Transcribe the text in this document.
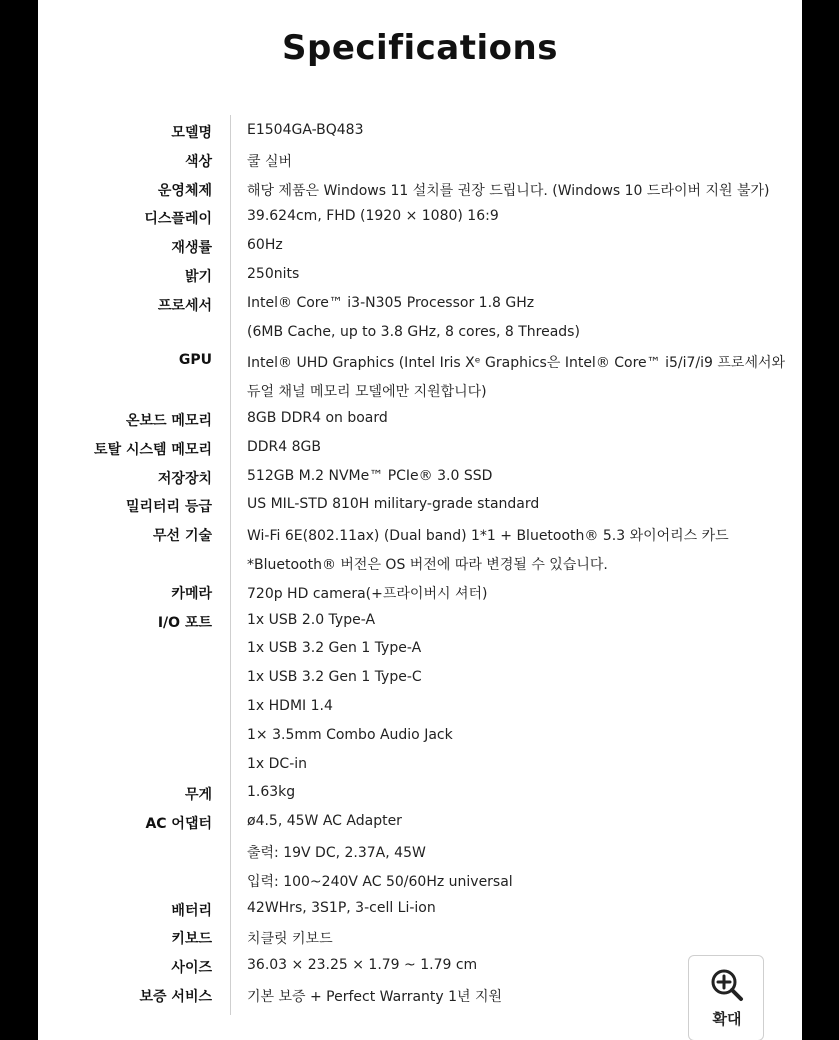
Specifications
모델명	E1504GA-BQ483
색상	쿨 실버
운영체제	해당 제품은 Windows 11 설치를 권장 드립니다. (Windows 10 드라이버 지원 불가)
디스플레이	39.624cm, FHD (1920 × 1080) 16:9
재생률	60Hz
밝기	250nits
프로세서	Intel® Core™ i3-N305 Processor 1.8 GHz
(6MB Cache, up to 3.8 GHz, 8 cores, 8 Threads)
GPU	Intel® UHD Graphics (Intel Iris Xᵉ Graphics은 Intel® Core™ i5/i7/i9 프로세서와
듀얼 채널 메모리 모델에만 지원합니다)
온보드 메모리	8GB DDR4 on board
토탈 시스템 메모리	DDR4 8GB
저장장치	512GB M.2 NVMe™ PCIe® 3.0 SSD
밀리터리 등급	US MIL-STD 810H military-grade standard
무선 기술	Wi-Fi 6E(802.11ax) (Dual band) 1*1 + Bluetooth® 5.3 와이어리스 카드
*Bluetooth® 버전은 OS 버전에 따라 변경될 수 있습니다.
카메라	720p HD camera(+프라이버시 셔터)
I/O 포트	1x USB 2.0 Type-A
1x USB 3.2 Gen 1 Type-A
1x USB 3.2 Gen 1 Type-C
1x HDMI 1.4
1× 3.5mm Combo Audio Jack
1x DC-in
무게	1.63kg
AC 어댑터	ø4.5, 45W AC Adapter
출력: 19V DC, 2.37A, 45W
입력: 100~240V AC 50/60Hz universal
배터리	42WHrs, 3S1P, 3-cell Li-ion
키보드	치클릿 키보드
사이즈	36.03 × 23.25 × 1.79 ~ 1.79 cm
보증 서비스	기본 보증 + Perfect Warranty 1년 지원
확대
